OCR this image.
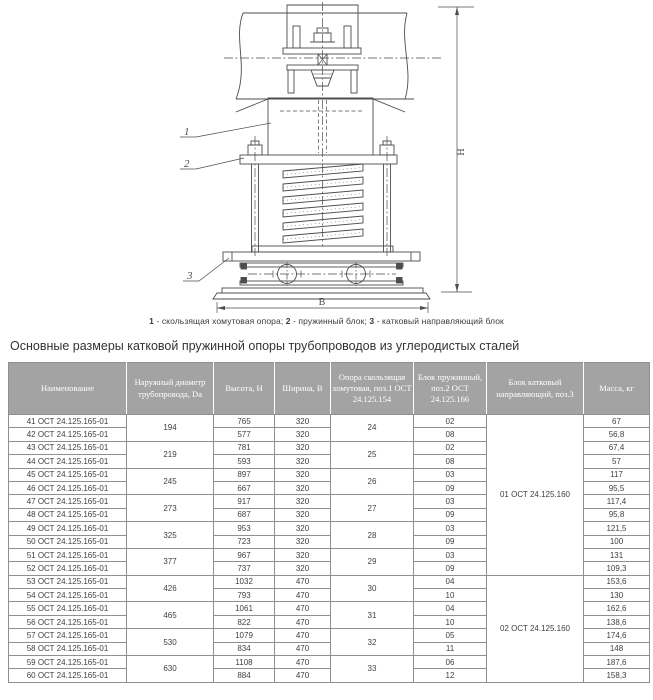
Н
В
1
2
3
1 - скользящая хомутовая опора; 2 - пружинный блок; 3 - катковый направляющий блок
Основные размеры катковой пружинной опоры трубопроводов из углеродистых сталей
Наименование	Наружный диаметр трубопровода, Da	Высота, Н	Ширина, В	Опора скользящая хомутовая, поз.1 ОСТ 24.125.154	Блок пружинный, поз.2 ОСТ 24.125.166	Блок катковый направляющий, поз.3	Масса, кг
41 ОСТ 24.125.165-01	194	765	320	24	02	01 ОСТ 24.125.160	67
42 ОСТ 24.125.165-01		577	320		08		56,8
43 ОСТ 24.125.165-01	219	781	320	25	02		67,4
44 ОСТ 24.125.165-01		593	320		08		57
45 ОСТ 24.125.165-01	245	897	320	26	03		117
46 ОСТ 24.125.165-01		667	320		09		95,5
47 ОСТ 24.125.165-01	273	917	320	27	03		117,4
48 ОСТ 24.125.165-01		687	320		09		95,8
49 ОСТ 24.125.165-01	325	953	320	28	03		121,5
50 ОСТ 24.125.165-01		723	320		09		100
51 ОСТ 24.125.165-01	377	967	320	29	03		131
52 ОСТ 24.125.165-01		737	320		09		109,3
53 ОСТ 24.125.165-01	426	1032	470	30	04	02 ОСТ 24.125.160	153,6
54 ОСТ 24.125.165-01		793	470		10		130
55 ОСТ 24.125.165-01	465	1061	470	31	04		162,6
56 ОСТ 24.125.165-01		822	470		10		138,6
57 ОСТ 24.125.165-01	530	1079	470	32	05		174,6
58 ОСТ 24.125.165-01		834	470		11		148
59 ОСТ 24.125.165-01	630	1108	470	33	06		187,6
60 ОСТ 24.125.165-01		884	470		12		158,3
